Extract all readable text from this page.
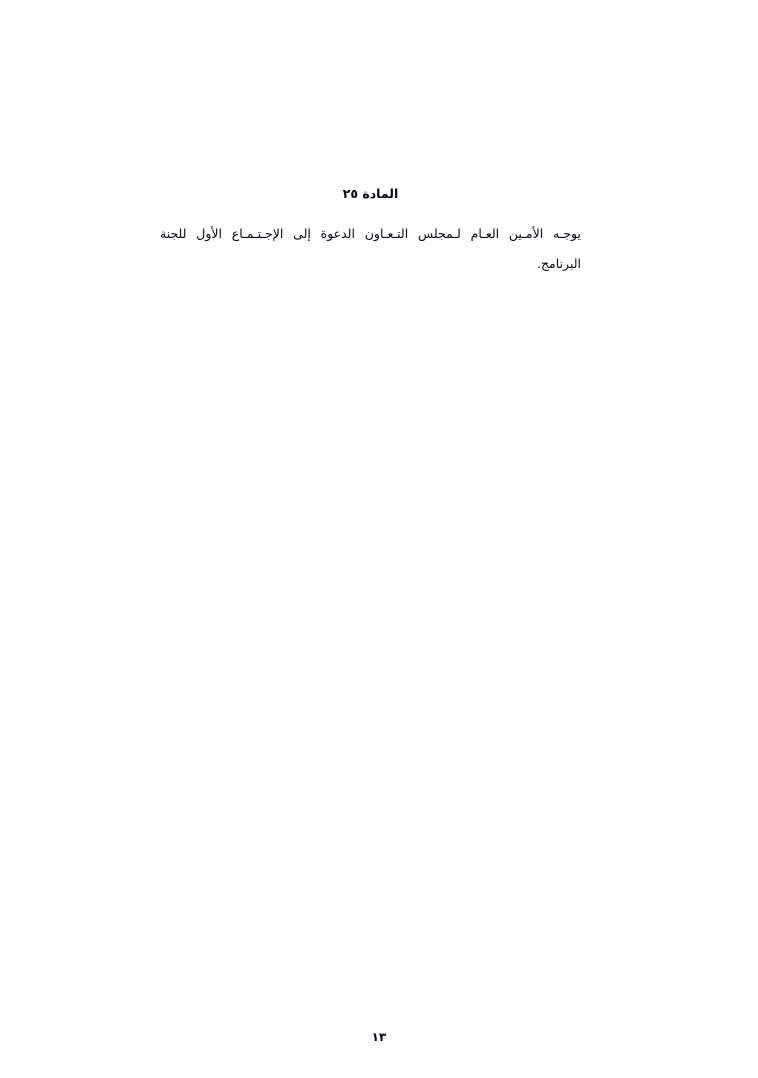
المادة ٢٥

يوجـه الأمـين العـام لـمجلس التـعـاون الدعوة إلى الإجـتـمـاع الأول للجنة البرنامج.

١٣
